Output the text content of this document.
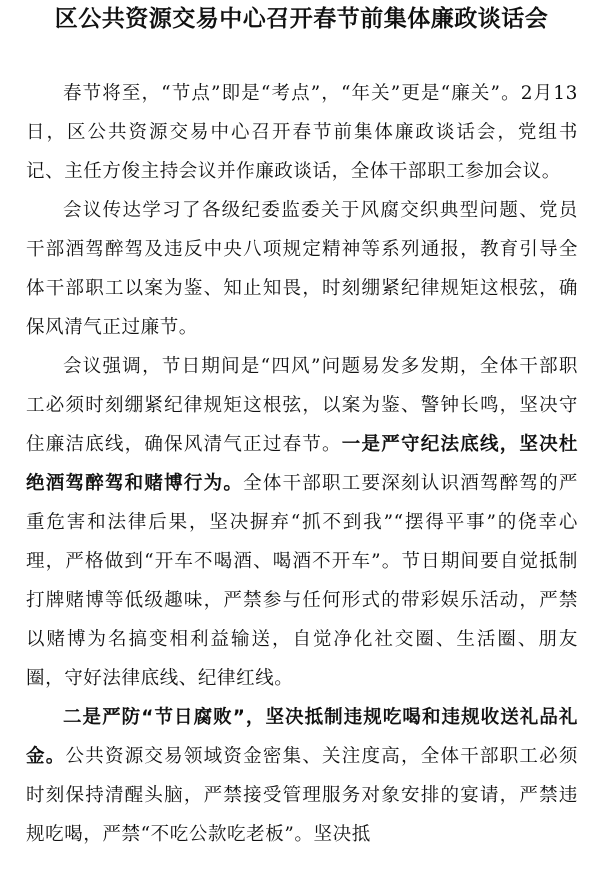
区公共资源交易中心召开春节前集体廉政谈话会

春节将至，“节点”即是“考点”，“年关”更是“廉关”。2月13日，区公共资源交易中心召开春节前集体廉政谈话会，党组书记、主任方俊主持会议并作廉政谈话，全体干部职工参加会议。

会议传达学习了各级纪委监委关于风腐交织典型问题、党员干部酒驾醉驾及违反中央八项规定精神等系列通报，教育引导全体干部职工以案为鉴、知止知畏，时刻绷紧纪律规矩这根弦，确保风清气正过廉节。

会议强调，节日期间是“四风”问题易发多发期，全体干部职工必须时刻绷紧纪律规矩这根弦，以案为鉴、警钟长鸣，坚决守住廉洁底线，确保风清气正过春节。一是严守纪法底线，坚决杜绝酒驾醉驾和赌博行为。全体干部职工要深刻认识酒驾醉驾的严重危害和法律后果，坚决摒弃“抓不到我”“摆得平事”的侥幸心理，严格做到“开车不喝酒、喝酒不开车”。节日期间要自觉抵制打牌赌博等低级趣味，严禁参与任何形式的带彩娱乐活动，严禁以赌博为名搞变相利益输送，自觉净化社交圈、生活圈、朋友圈，守好法律底线、纪律红线。

二是严防“节日腐败”，坚决抵制违规吃喝和违规收送礼品礼金。公共资源交易领域资金密集、关注度高，全体干部职工必须时刻保持清醒头脑，严禁接受管理服务对象安排的宴请，严禁违规吃喝，严禁“不吃公款吃老板”。坚决抵
